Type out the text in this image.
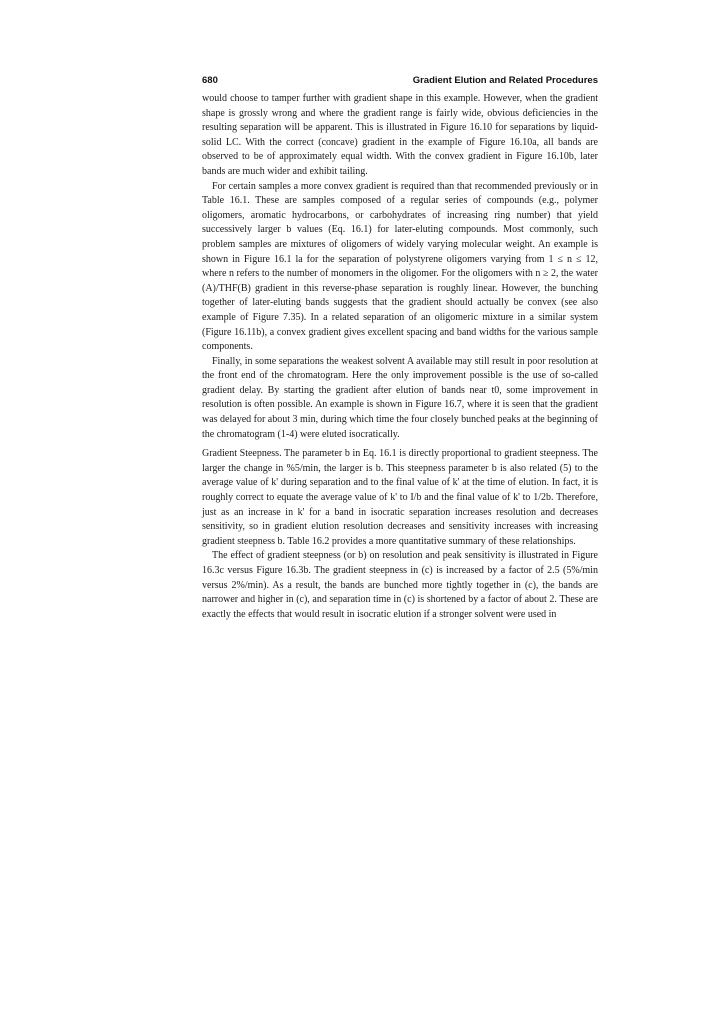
680	Gradient Elution and Related Procedures

would choose to tamper further with gradient shape in this example. However, when the gradient shape is grossly wrong and where the gradient range is fairly wide, obvious deficiencies in the resulting separation will be apparent. This is illustrated in Figure 16.10 for separations by liquid-solid LC. With the correct (concave) gradient in the example of Figure 16.10a, all bands are observed to be of approximately equal width. With the convex gradient in Figure 16.10b, later bands are much wider and exhibit tailing.

For certain samples a more convex gradient is required than that recommended previously or in Table 16.1. These are samples composed of a regular series of compounds (e.g., polymer oligomers, aromatic hydrocarbons, or carbohydrates of increasing ring number) that yield successively larger b values (Eq. 16.1) for later-eluting compounds. Most commonly, such problem samples are mixtures of oligomers of widely varying molecular weight. An example is shown in Figure 16.1 la for the separation of polystyrene oligomers varying from 1 ≤ n ≤ 12, where n refers to the number of monomers in the oligomer. For the oligomers with n ≥ 2, the water (A)/THF(B) gradient in this reverse-phase separation is roughly linear. However, the bunching together of later-eluting bands suggests that the gradient should actually be convex (see also example of Figure 7.35). In a related separation of an oligomeric mixture in a similar system (Figure 16.11b), a convex gradient gives excellent spacing and band widths for the various sample components.

Finally, in some separations the weakest solvent A available may still result in poor resolution at the front end of the chromatogram. Here the only improvement possible is the use of so-called gradient delay. By starting the gradient after elution of bands near t0, some improvement in resolution is often possible. An example is shown in Figure 16.7, where it is seen that the gradient was delayed for about 3 min, during which time the four closely bunched peaks at the beginning of the chromatogram (1-4) were eluted isocratically.

Gradient Steepness. The parameter b in Eq. 16.1 is directly proportional to gradient steepness. The larger the change in %5/min, the larger is b. This steepness parameter b is also related (5) to the average value of k' during separation and to the final value of k' at the time of elution. In fact, it is roughly correct to equate the average value of k' to I/b and the final value of k' to 1/2b. Therefore, just as an increase in k' for a band in isocratic separation increases resolution and decreases sensitivity, so in gradient elution resolution decreases and sensitivity increases with increasing gradient steepness b. Table 16.2 provides a more quantitative summary of these relationships.

The effect of gradient steepness (or b) on resolution and peak sensitivity is illustrated in Figure 16.3c versus Figure 16.3b. The gradient steepness in (c) is increased by a factor of 2.5 (5%/min versus 2%/min). As a result, the bands are bunched more tightly together in (c), the bands are narrower and higher in (c), and separation time in (c) is shortened by a factor of about 2. These are exactly the effects that would result in isocratic elution if a stronger solvent were used in
